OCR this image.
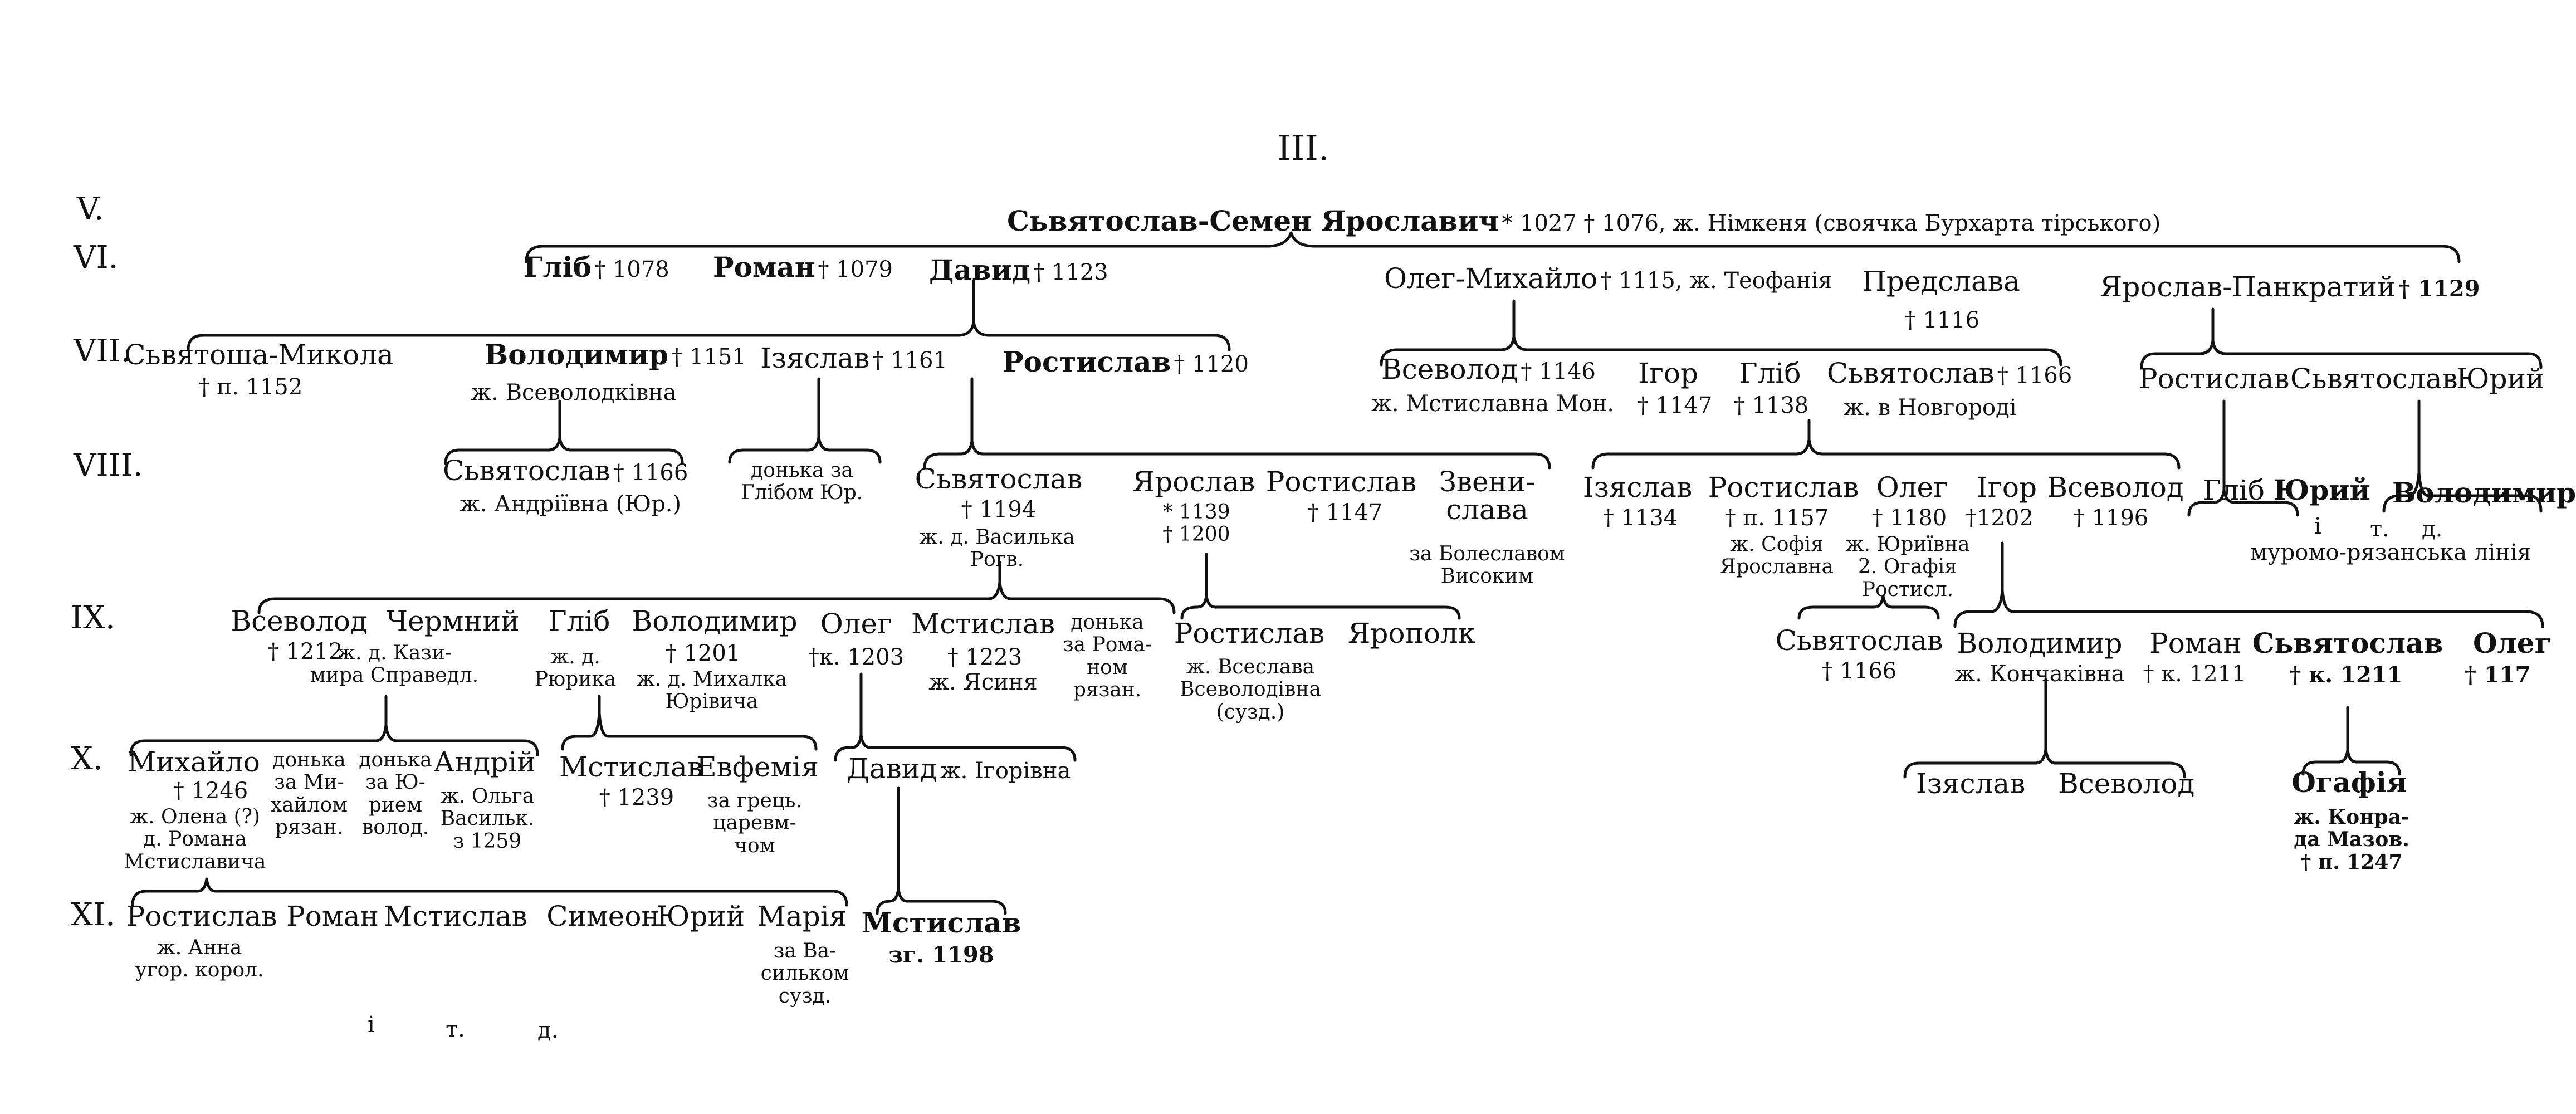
III.
V.
VI.
VII.
VIII.
IX.
X.
XI.
Сьвятослав-Семен Ярославич * 1027 † 1076, ж. Німкеня (своячка Бурхарта тірського)
Гліб † 1078 Роман † 1079 Давид † 1123	Олег-Михайло † 1115, ж. Теофанія Предслава
† 1116
Ярослав-Панкратий † 1129
Сьвятоша-Микола
† п. 1152
Володимир † 1151
ж. Всеволодківна
Ізяслав † 1161 Ростислав † 1120	Всеволод † 1146
ж. Мстиславна Мон.
Ігор
† 1147
Гліб
† 1138
Сьвятослав † 1166
ж. в Новгороді
Ростислав Сьвятослав
Юрий
Сьвятослав † 1166
ж. Андріївна (Юр.)
донька за
Глібом Юр. Сьвятослав
† 1194
ж. д. Василька
Рогв.
Ярослав
* 1139
† 1200
Ростислав
† 1147
Звени-
слава
за Болеславом
Високим
Ізяслав
† 1134
Ростислав
† п. 1157
ж. Софія
Ярославна
Олег
† 1180
ж. Юриївна
2. Огафія
Ростисл.
Ігор
†1202
Всеволод
† 1196
Гліб Юрий Володимир
і т. д.
муромо-рязанська лінія
Всеволод
† 1212
Чермний
ж. д. Кази-
мира Справедл.
Гліб
ж. д.
Рюрика
Володимир
† 1201
ж. д. Михалка
Юрівича
Олег
†к. 1203
Мстислав
† 1223
ж. Ясиня
донька
за Рома-
ном
рязан.
Ростислав
ж. Всеслава
Всеволодівна
(сузд.)
Ярополк	Сьвятослав
† 1166
Володимир
ж. Кончаківна
Роман
† к. 1211
Сьвятослав
† к. 1211
Олег
† 117
Михайло
† 1246
ж. Олена (?)
д. Романа
Мстиславича
донька
за Ми-
хайлом
рязан.
донька
за Ю-
рием
волод.
Андрій
ж. Ольга
Васильк.
з 1259
Мстислав
† 1239
Евфемія
за грець.
царевм-
чом
Давид ж. Ігорівна	Ізяслав Всеволод	Огафія
ж. Конра-
да Мазов.
† п. 1247
Ростислав
ж. Анна
угор. корол.
Роман Мстислав Симеон
Юрий Марія
за Ва-
сильком
сузд.
Мстислав
зг. 1198
і	т.	д.
